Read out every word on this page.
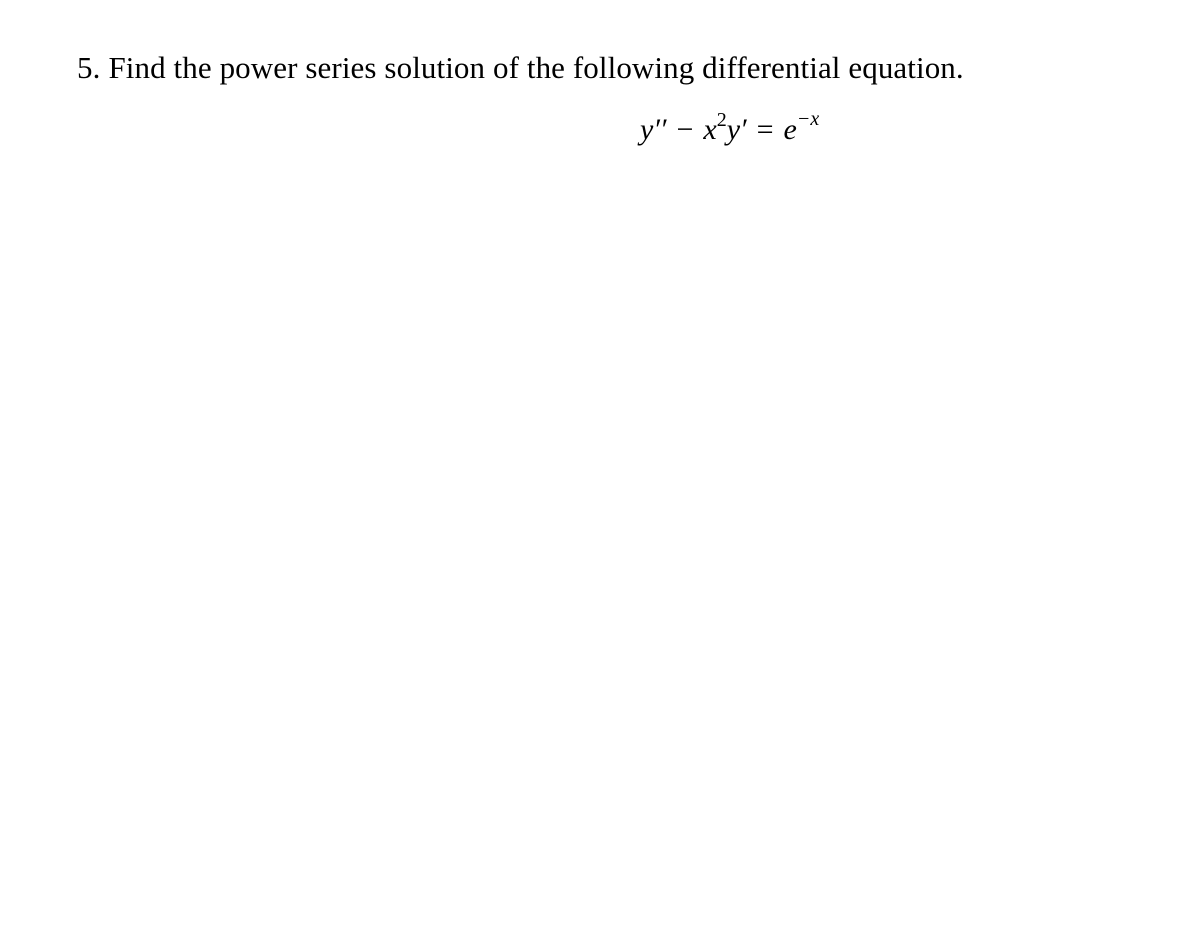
5. Find the power series solution of the following differential equation.
$y'' - x^2y' = e^{-x}$
